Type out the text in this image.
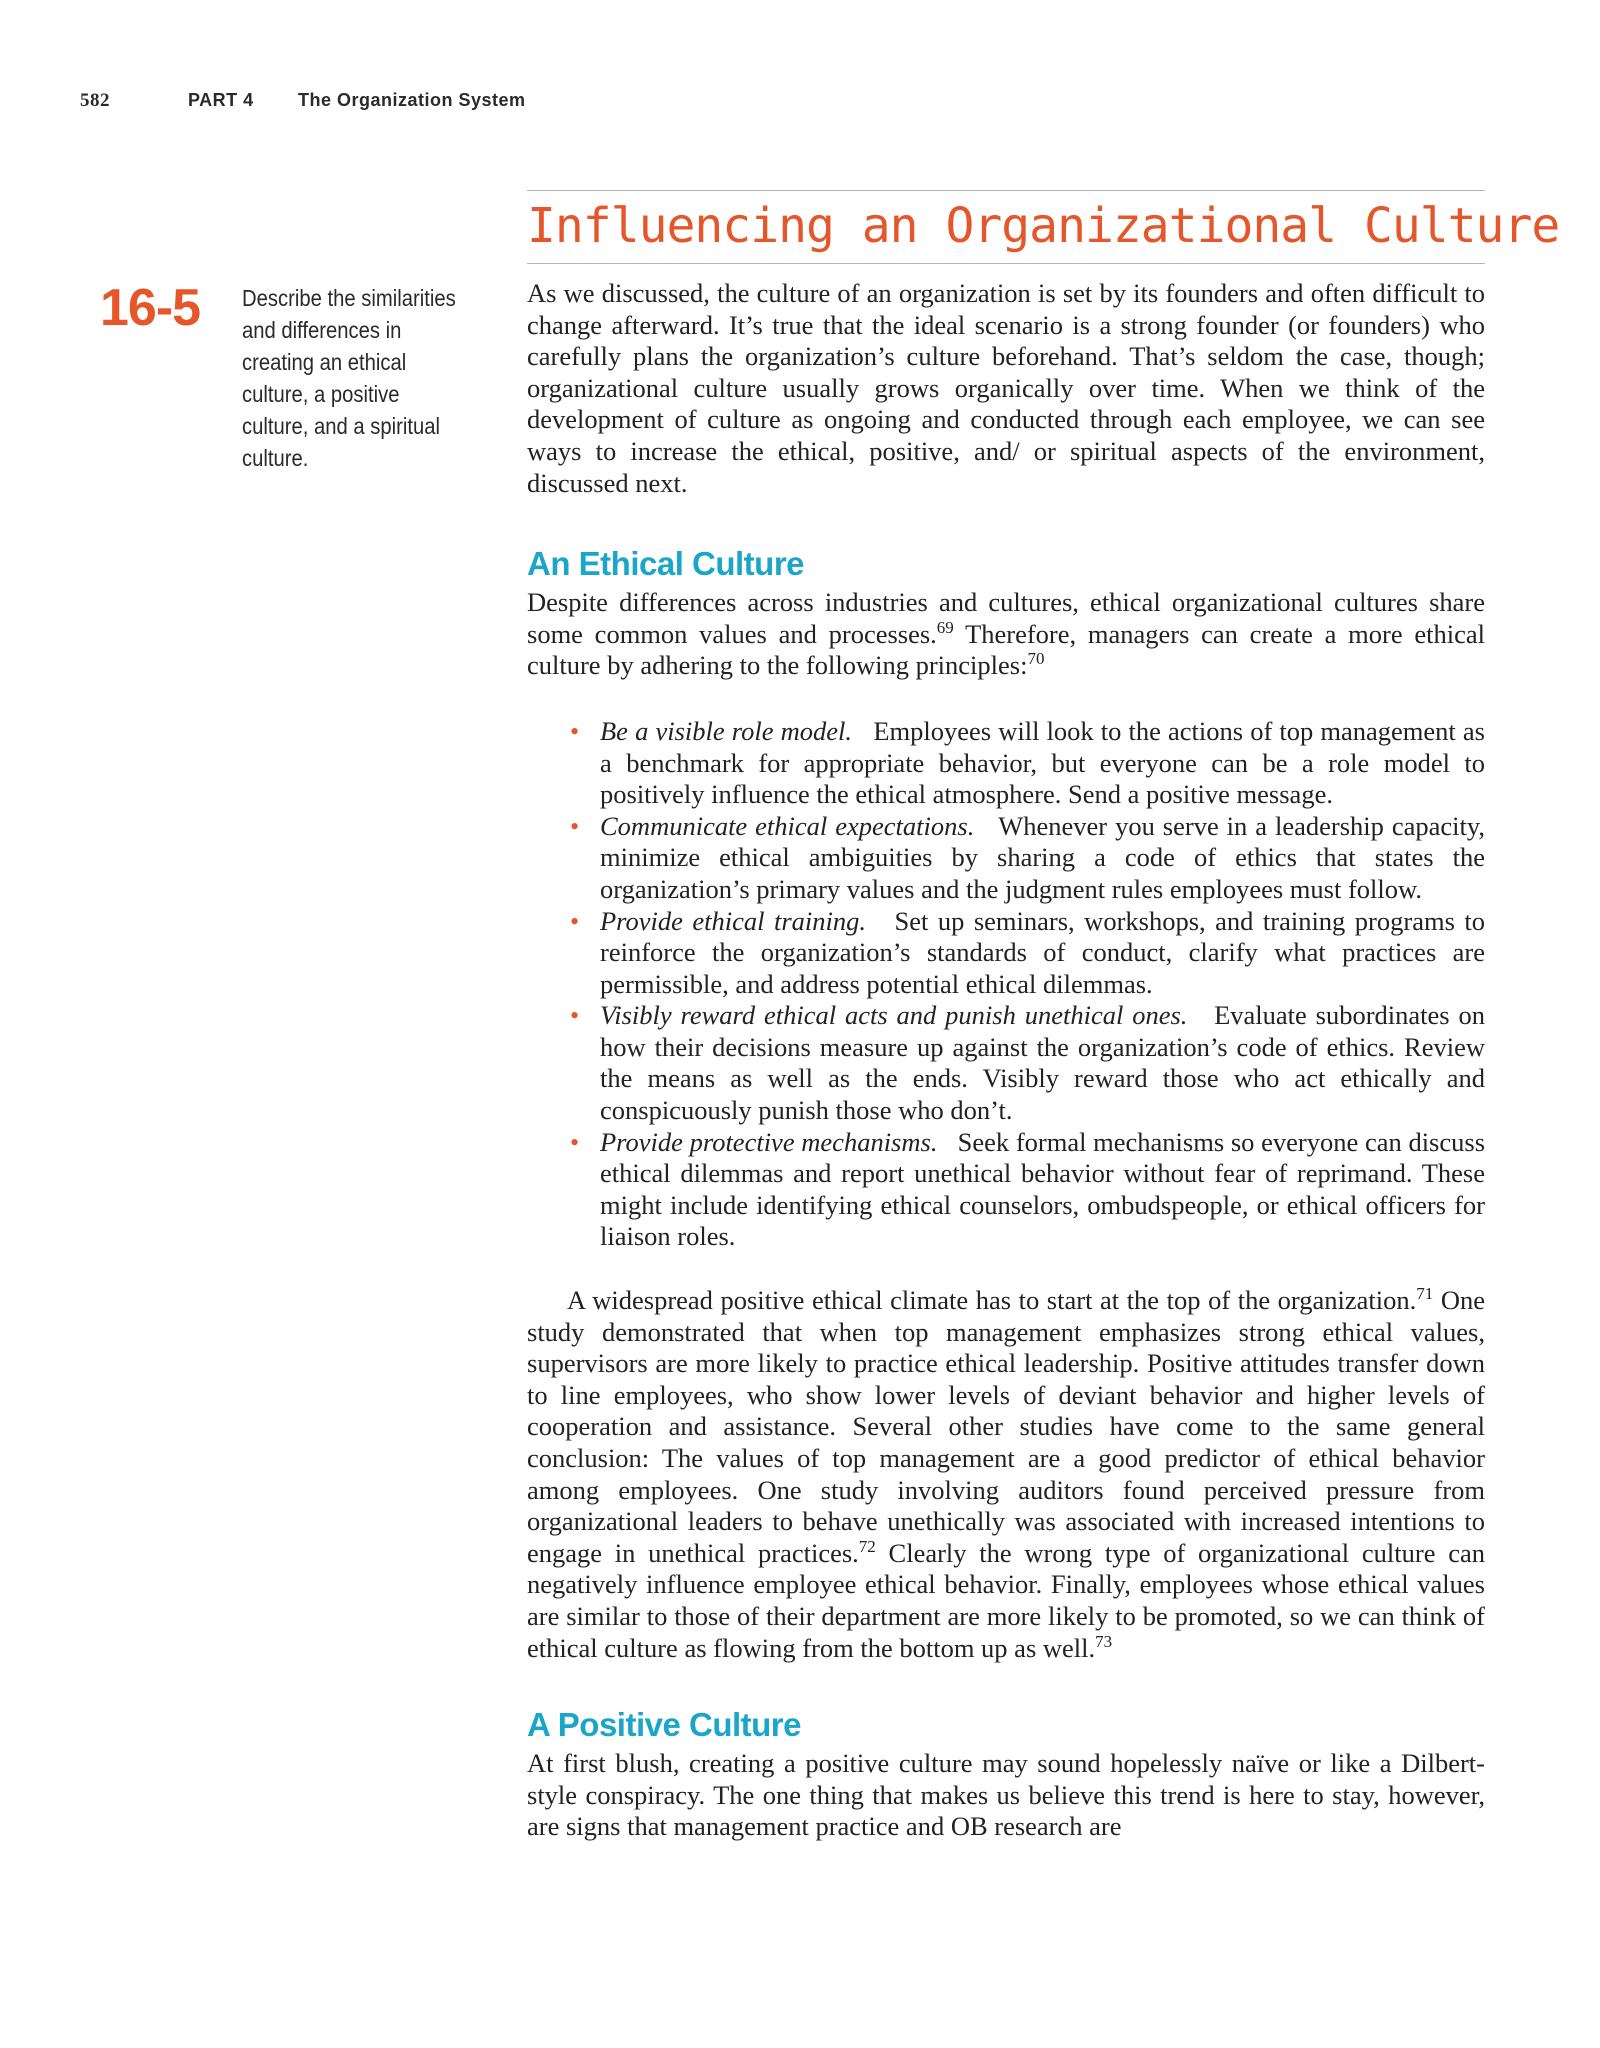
582	PART 4 The Organization System
Influencing an Organizational Culture
16-5 Describe the similarities and differences in creating an ethical culture, a positive culture, and a spiritual culture.

As we discussed, the culture of an organization is set by its founders and often difficult to change afterward. It’s true that the ideal scenario is a strong founder (or founders) who carefully plans the organization’s culture beforehand. That’s seldom the case, though; organizational culture usually grows organically over time. When we think of the development of culture as ongoing and conducted through each employee, we can see ways to increase the ethical, positive, and/ or spiritual aspects of the environment, discussed next.

An Ethical Culture

Despite differences across industries and cultures, ethical organizational cultures share some common values and processes.$^{69}$ Therefore, managers can create a more ethical culture by adhering to the following principles:$^{70}$

• Be a visible role model. Employees will look to the actions of top management as a benchmark for appropriate behavior, but everyone can be a role model to positively influence the ethical atmosphere. Send a positive message.
• Communicate ethical expectations. Whenever you serve in a leadership capacity, minimize ethical ambiguities by sharing a code of ethics that states the organization’s primary values and the judgment rules employees must follow.
• Provide ethical training. Set up seminars, workshops, and training programs to reinforce the organization’s standards of conduct, clarify what practices are permissible, and address potential ethical dilemmas.
• Visibly reward ethical acts and punish unethical ones. Evaluate subordinates on how their decisions measure up against the organization’s code of ethics. Review the means as well as the ends. Visibly reward those who act ethically and conspicuously punish those who don’t.
• Provide protective mechanisms. Seek formal mechanisms so everyone can discuss ethical dilemmas and report unethical behavior without fear of reprimand. These might include identifying ethical counselors, ombudspeople, or ethical officers for liaison roles.

A widespread positive ethical climate has to start at the top of the organization.$^{71}$ One study demonstrated that when top management emphasizes strong ethical values, supervisors are more likely to practice ethical leadership. Positive attitudes transfer down to line employees, who show lower levels of deviant behavior and higher levels of cooperation and assistance. Several other studies have come to the same general conclusion: The values of top management are a good predictor of ethical behavior among employees. One study involving auditors found perceived pressure from organizational leaders to behave unethically was associated with increased intentions to engage in unethical practices.$^{72}$ Clearly the wrong type of organizational culture can negatively influence employee ethical behavior. Finally, employees whose ethical values are similar to those of their department are more likely to be promoted, so we can think of ethical culture as flowing from the bottom up as well.$^{73}$

A Positive Culture

At first blush, creating a positive culture may sound hopelessly naïve or like a Dilbert-style conspiracy. The one thing that makes us believe this trend is here to stay, however, are signs that management practice and OB research are
